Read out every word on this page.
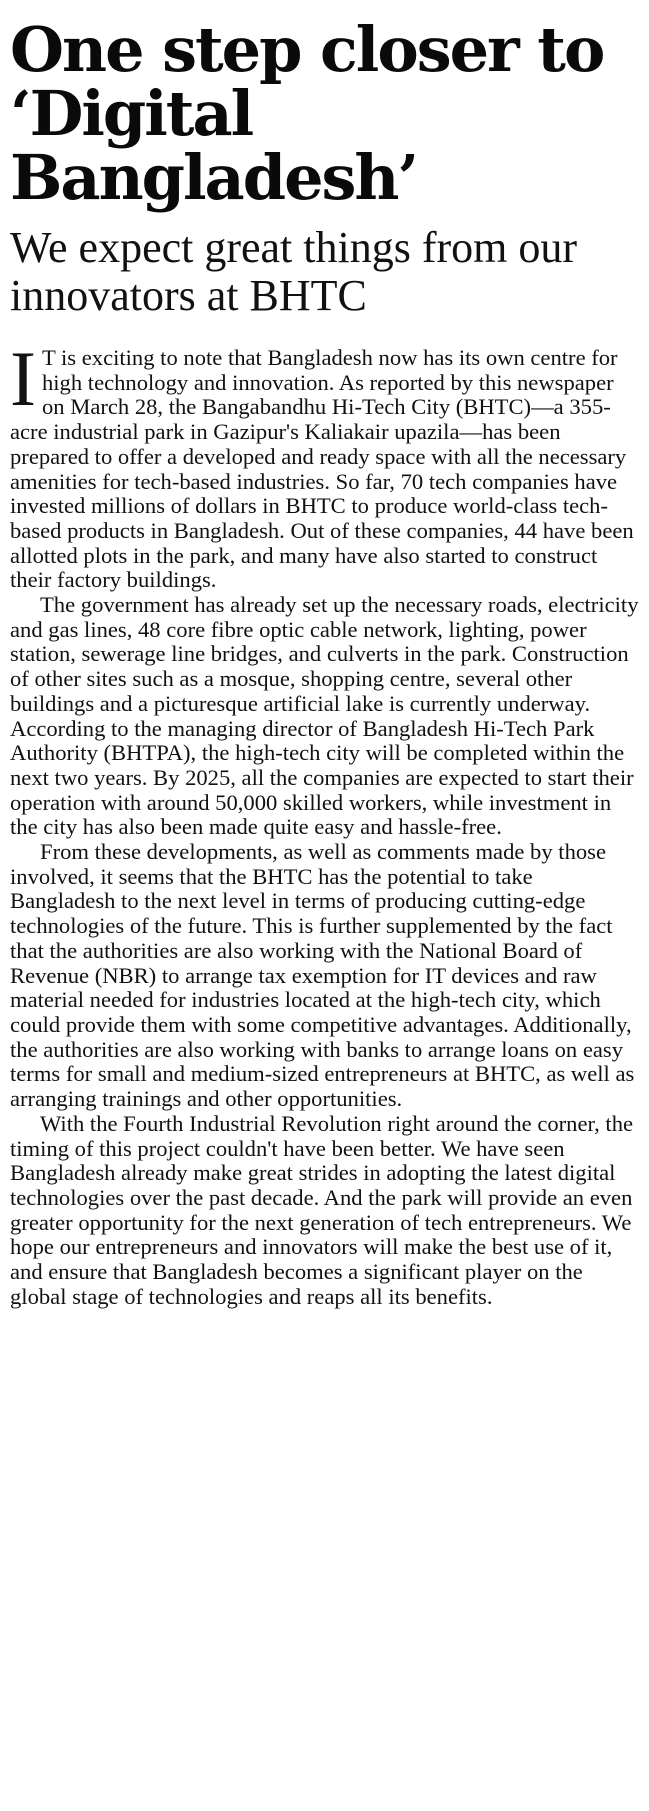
One step closer to ‘Digital Bangladesh’
We expect great things from our innovators at BHTC

I T is exciting to note that Bangladesh now has its own centre for high technology and innovation. As reported by this newspaper on March 28, the Bangabandhu Hi-Tech City (BHTC)—a 355-acre industrial park in Gazipur's Kaliakair upazila—has been prepared to offer a developed and ready space with all the necessary amenities for tech-based industries. So far, 70 tech companies have invested millions of dollars in BHTC to produce world-class tech-based products in Bangladesh. Out of these companies, 44 have been allotted plots in the park, and many have also started to construct their factory buildings.

The government has already set up the necessary roads, electricity and gas lines, 48 core fibre optic cable network, lighting, power station, sewerage line bridges, and culverts in the park. Construction of other sites such as a mosque, shopping centre, several other buildings and a picturesque artificial lake is currently underway. According to the managing director of Bangladesh Hi-Tech Park Authority (BHTPA), the high-tech city will be completed within the next two years. By 2025, all the companies are expected to start their operation with around 50,000 skilled workers, while investment in the city has also been made quite easy and hassle-free.

From these developments, as well as comments made by those involved, it seems that the BHTC has the potential to take Bangladesh to the next level in terms of producing cutting-edge technologies of the future. This is further supplemented by the fact that the authorities are also working with the National Board of Revenue (NBR) to arrange tax exemption for IT devices and raw material needed for industries located at the high-tech city, which could provide them with some competitive advantages. Additionally, the authorities are also working with banks to arrange loans on easy terms for small and medium-sized entrepreneurs at BHTC, as well as arranging trainings and other opportunities.

With the Fourth Industrial Revolution right around the corner, the timing of this project couldn't have been better. We have seen Bangladesh already make great strides in adopting the latest digital technologies over the past decade. And the park will provide an even greater opportunity for the next generation of tech entrepreneurs. We hope our entrepreneurs and innovators will make the best use of it, and ensure that Bangladesh becomes a significant player on the global stage of technologies and reaps all its benefits.
